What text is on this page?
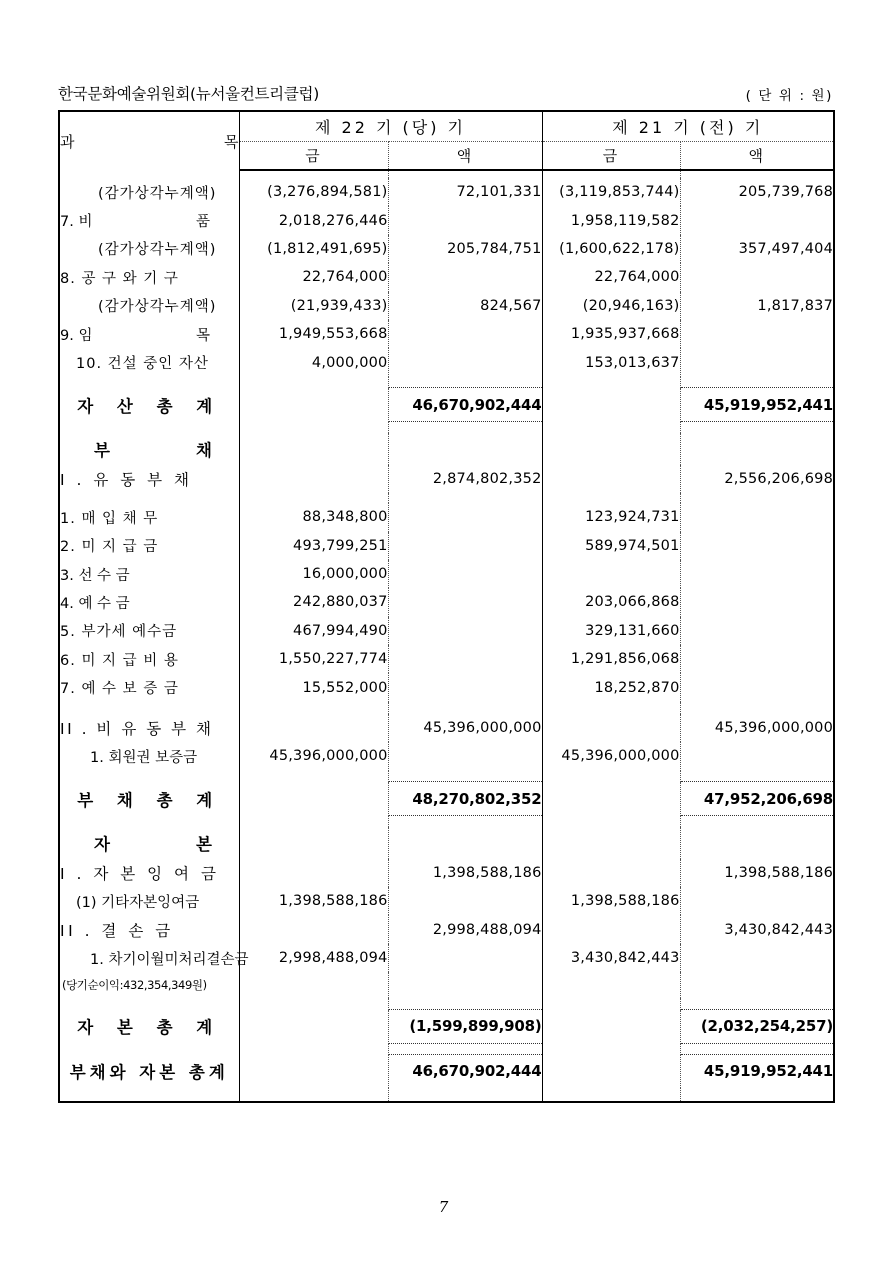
한국문화예술위원회(뉴서울컨트리클럽)	( 단 위 : 원)
과 목	제 22 기 (당) 기		제 21 기 (전) 기	
	금	액	금	액

(감가상각누계액)	(3,276,894,581)	72,101,331	(3,119,853,744)	205,739,768

7. 비 품	2,018,276,446		1,958,119,582	
(감가상각누계액)	(1,812,491,695)	205,784,751	(1,600,622,178)	357,497,404
8. 공 구 와 기 구	22,764,000		22,764,000	
(감가상각누계액)	(21,939,433)	824,567	(20,946,163)	1,817,837

9. 임 목	1,949,553,668		1,935,937,668	
10. 건설 중인 자산	4,000,000		153,013,637	

자 산 총 계		46,670,902,444		45,919,952,441

부 채				

I . 유 동 부 채		2,874,802,352		2,556,206,698

1. 매 입 채 무	88,348,800		123,924,731	
2. 미 지 급 금	493,799,251		589,974,501	
3. 선 수 금	16,000,000			
4. 예 수 금	242,880,037		203,066,868	
5. 부가세 예수금	467,994,490		329,131,660	
6. 미 지 급 비 용	1,550,227,774		1,291,856,068	
7. 예 수 보 증 금	15,552,000		18,252,870	

II . 비 유 동 부 채		45,396,000,000		45,396,000,000
1. 회원권 보증금	45,396,000,000		45,396,000,000	

부 채 총 계		48,270,802,352		47,952,206,698

자 본				

I . 자 본 잉 여 금		1,398,588,186		1,398,588,186
(1) 기타자본잉여금	1,398,588,186		1,398,588,186	
II . 결 손 금		2,998,488,094		3,430,842,443
1. 차기이월미처리결손금	2,998,488,094		3,430,842,443	
(당기순이익:432,354,349원)				

자 본 총 계		(1,599,899,908)		(2,032,254,257)

부채와 자본 총계		46,670,902,444		45,919,952,441

7
